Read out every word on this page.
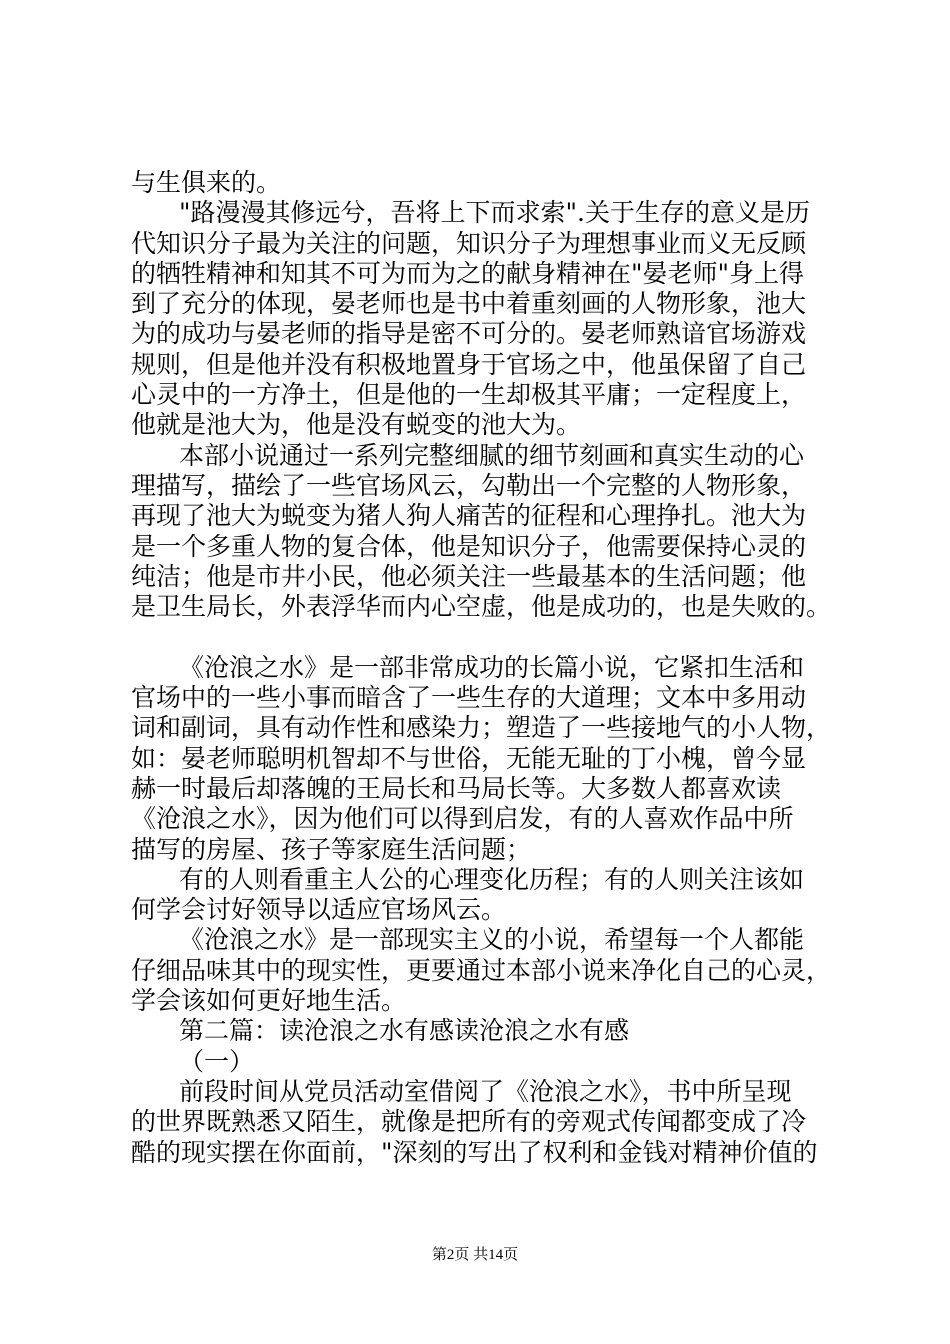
与生俱来的。
"路漫漫其修远兮，吾将上下而求索".关于生存的意义是历
代知识分子最为关注的问题，知识分子为理想事业而义无反顾
的牺牲精神和知其不可为而为之的献身精神在"晏老师"身上得
到了充分的体现，晏老师也是书中着重刻画的人物形象，池大
为的成功与晏老师的指导是密不可分的。晏老师熟谙官场游戏
规则，但是他并没有积极地置身于官场之中，他虽保留了自己
心灵中的一方净土，但是他的一生却极其平庸；一定程度上，
他就是池大为，他是没有蜕变的池大为。
本部小说通过一系列完整细腻的细节刻画和真实生动的心
理描写，描绘了一些官场风云，勾勒出一个完整的人物形象，
再现了池大为蜕变为猪人狗人痛苦的征程和心理挣扎。池大为
是一个多重人物的复合体，他是知识分子，他需要保持心灵的
纯洁；他是市井小民，他必须关注一些最基本的生活问题；他
是卫生局长，外表浮华而内心空虚，他是成功的，也是失败的。
《沧浪之水》是一部非常成功的长篇小说，它紧扣生活和
官场中的一些小事而暗含了一些生存的大道理；文本中多用动
词和副词，具有动作性和感染力；塑造了一些接地气的小人物，
如：晏老师聪明机智却不与世俗，无能无耻的丁小槐，曾今显
赫一时最后却落魄的王局长和马局长等。大多数人都喜欢读
《沧浪之水》，因为他们可以得到启发，有的人喜欢作品中所
描写的房屋、孩子等家庭生活问题；
有的人则看重主人公的心理变化历程；有的人则关注该如
何学会讨好领导以适应官场风云。
《沧浪之水》是一部现实主义的小说，希望每一个人都能
仔细品味其中的现实性，更要通过本部小说来净化自己的心灵，
学会该如何更好地生活。
第二篇：读沧浪之水有感读沧浪之水有感
（一）
前段时间从党员活动室借阅了《沧浪之水》，书中所呈现
的世界既熟悉又陌生，就像是把所有的旁观式传闻都变成了冷
酷的现实摆在你面前，"深刻的写出了权利和金钱对精神价值的
第2页 共14页
